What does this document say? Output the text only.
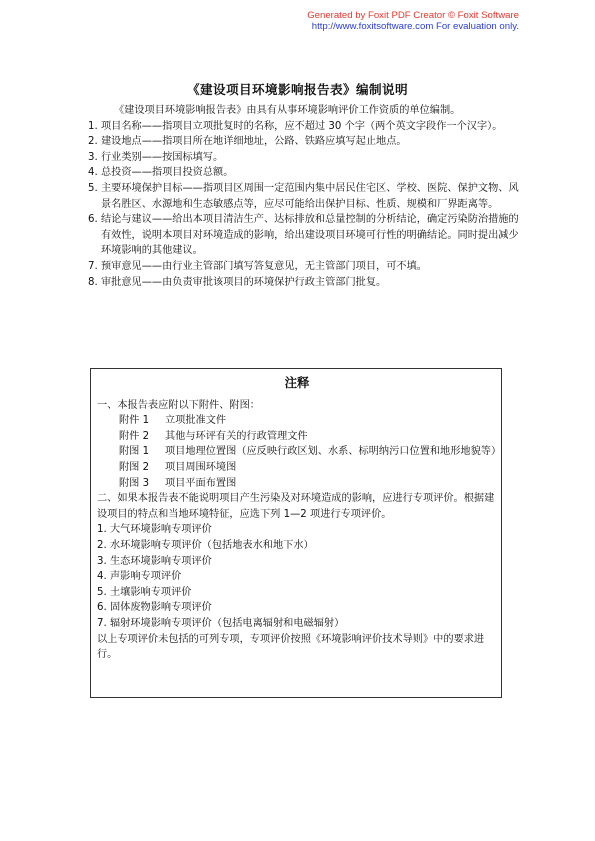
Generated by Foxit PDF Creator © Foxit Software
http://www.foxitsoftware.com For evaluation only.
《建设项目环境影响报告表》编制说明
《建设项目环境影响报告表》由具有从事环境影响评价工作资质的单位编制。
1. 项目名称——指项目立项批复时的名称，应不超过 30 个字（两个英文字段作一个汉字）。
2. 建设地点——指项目所在地详细地址，公路、铁路应填写起止地点。
3. 行业类别——按国标填写。
4. 总投资——指项目投资总额。
5. 主要环境保护目标——指项目区周围一定范围内集中居民住宅区、学校、医院、保护文物、风景名胜区、水源地和生态敏感点等，应尽可能给出保护目标、性质、规模和厂界距离等。
6. 结论与建议——给出本项目清洁生产、达标排放和总量控制的分析结论，确定污染防治措施的有效性，说明本项目对环境造成的影响，给出建设项目环境可行性的明确结论。同时提出减少环境影响的其他建议。
7. 预审意见——由行业主管部门填写答复意见，无主管部门项目，可不填。
8. 审批意见——由负责审批该项目的环境保护行政主管部门批复。
注释
一、本报告表应附以下附件、附图：
附件 1	立项批准文件
附件 2	其他与环评有关的行政管理文件
附图 1	项目地理位置图（应反映行政区划、水系、标明纳污口位置和地形地貌等）
附图 2	项目周围环境图
附图 3	项目平面布置图
二、如果本报告表不能说明项目产生污染及对环境造成的影响，应进行专项评价。根据建设项目的特点和当地环境特征，应选下列 1—2 项进行专项评价。
1. 大气环境影响专项评价
2. 水环境影响专项评价（包括地表水和地下水）
3. 生态环境影响专项评价
4. 声影响专项评价
5. 土壤影响专项评价
6. 固体废物影响专项评价
7. 辐射环境影响专项评价（包括电离辐射和电磁辐射）
以上专项评价未包括的可列专项，专项评价按照《环境影响评价技术导则》中的要求进行。
